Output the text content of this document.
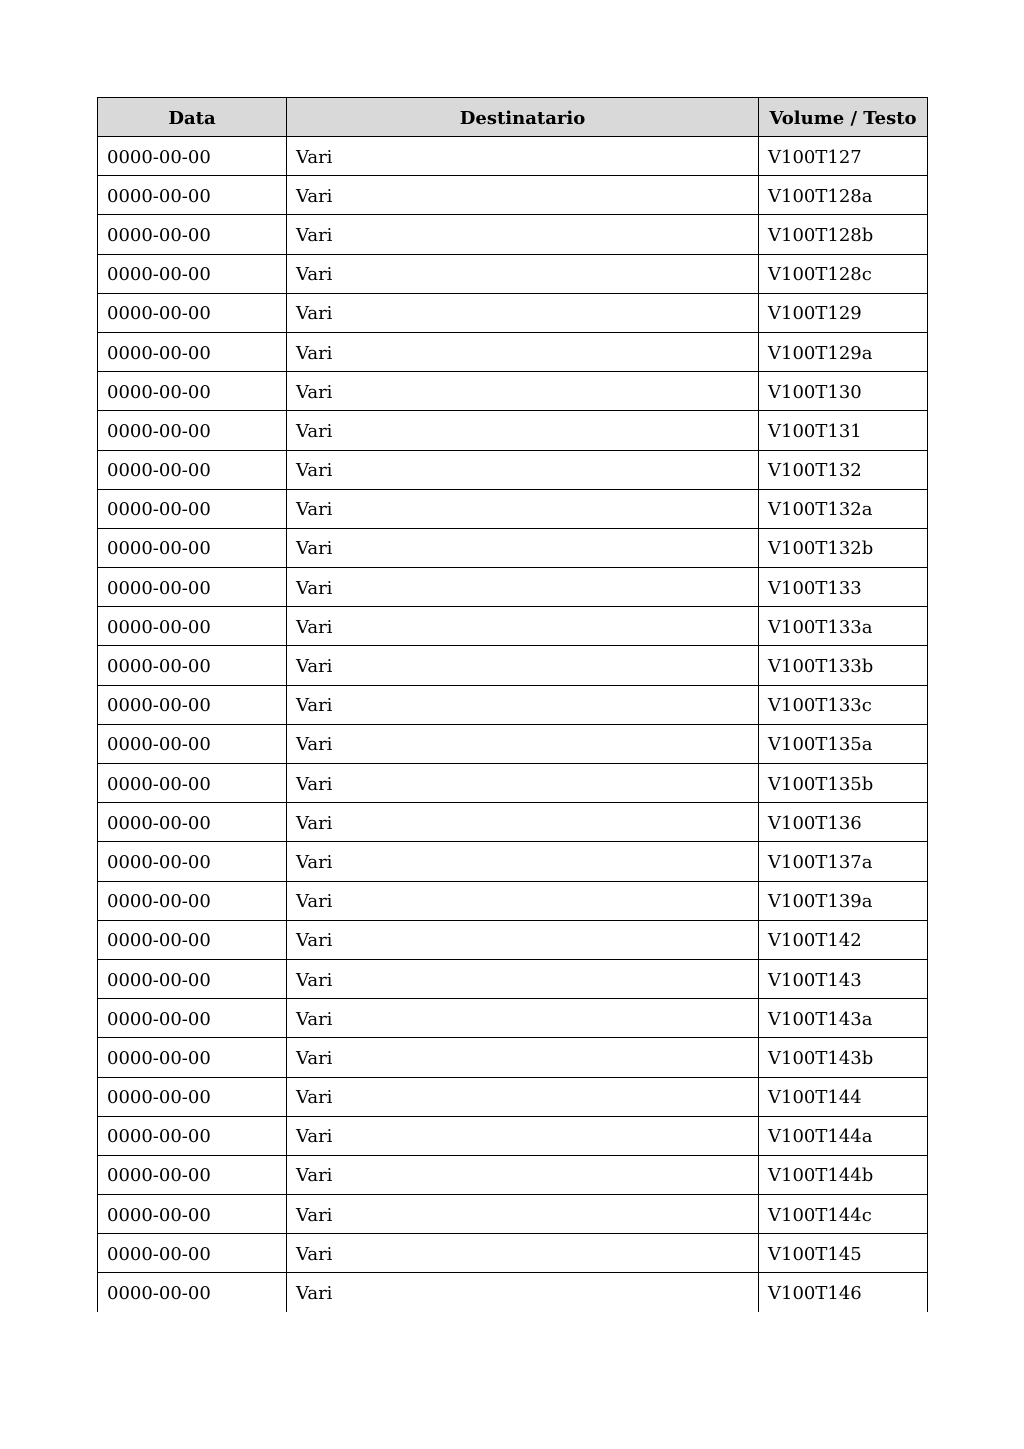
Data	Destinatario	Volume / Testo
0000-00-00	Vari	V100T127
0000-00-00	Vari	V100T128a
0000-00-00	Vari	V100T128b
0000-00-00	Vari	V100T128c
0000-00-00	Vari	V100T129
0000-00-00	Vari	V100T129a
0000-00-00	Vari	V100T130
0000-00-00	Vari	V100T131
0000-00-00	Vari	V100T132
0000-00-00	Vari	V100T132a
0000-00-00	Vari	V100T132b
0000-00-00	Vari	V100T133
0000-00-00	Vari	V100T133a
0000-00-00	Vari	V100T133b
0000-00-00	Vari	V100T133c
0000-00-00	Vari	V100T135a
0000-00-00	Vari	V100T135b
0000-00-00	Vari	V100T136
0000-00-00	Vari	V100T137a
0000-00-00	Vari	V100T139a
0000-00-00	Vari	V100T142
0000-00-00	Vari	V100T143
0000-00-00	Vari	V100T143a
0000-00-00	Vari	V100T143b
0000-00-00	Vari	V100T144
0000-00-00	Vari	V100T144a
0000-00-00	Vari	V100T144b
0000-00-00	Vari	V100T144c
0000-00-00	Vari	V100T145
0000-00-00	Vari	V100T146
